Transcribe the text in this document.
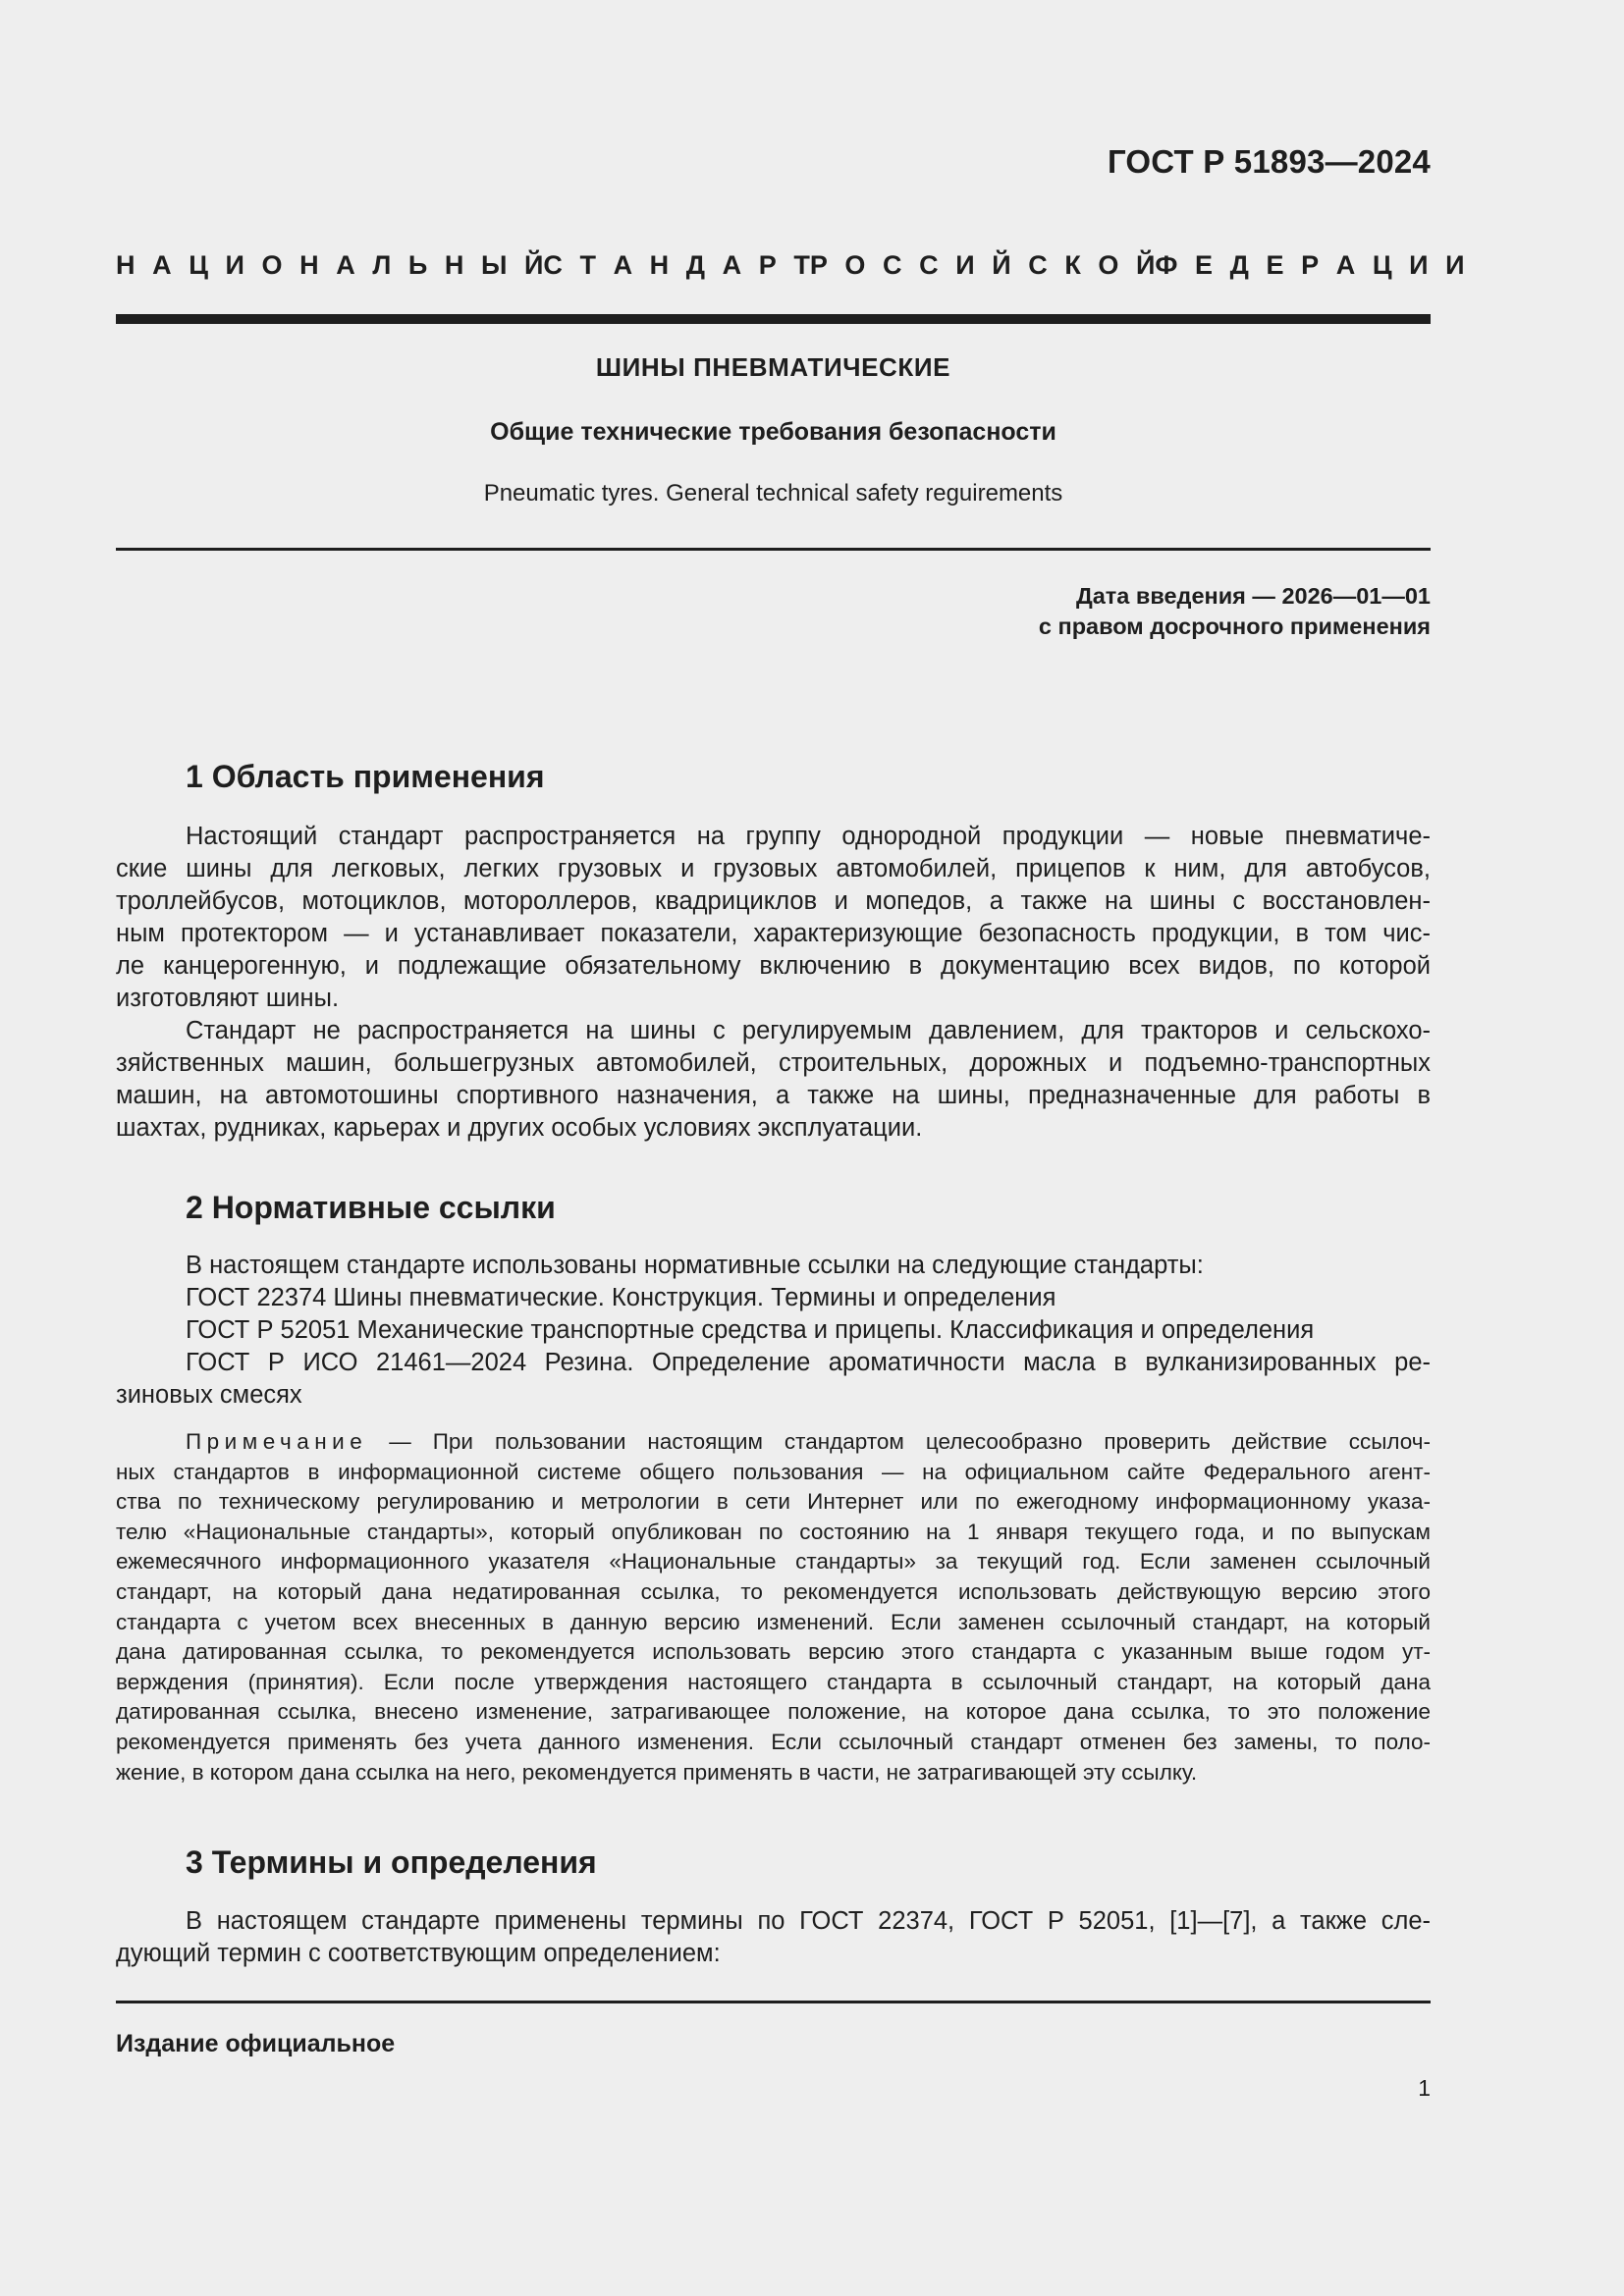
ГОСТ Р 51893—2024
Н А Ц И О Н А Л Ь Н Ы Й С Т А Н Д А Р Т Р О С С И Й С К О Й Ф Е Д Е Р А Ц И И
ШИНЫ ПНЕВМАТИЧЕСКИЕ
Общие технические требования безопасности
Pneumatic tyres. General technical safety reguirements
Дата введения — 2026—01—01
с правом досрочного применения
1 Область применения
Настоящий стандарт распространяется на группу однородной продукции — новые пневматиче-
ские шины для легковых, легких грузовых и грузовых автомобилей, прицепов к ним, для автобусов,
троллейбусов, мотоциклов, мотороллеров, квадрициклов и мопедов, а также на шины с восстановлен-
ным протектором — и устанавливает показатели, характеризующие безопасность продукции, в том чис-
ле канцерогенную, и подлежащие обязательному включению в документацию всех видов, по которой
изготовляют шины.
Стандарт не распространяется на шины с регулируемым давлением, для тракторов и сельскохо-
зяйственных машин, большегрузных автомобилей, строительных, дорожных и подъемно-транспортных
машин, на автомотошины спортивного назначения, а также на шины, предназначенные для работы в
шахтах, рудниках, карьерах и других особых условиях эксплуатации.
2 Нормативные ссылки
В настоящем стандарте использованы нормативные ссылки на следующие стандарты:
ГОСТ 22374 Шины пневматические. Конструкция. Термины и определения
ГОСТ Р 52051 Механические транспортные средства и прицепы. Классификация и определения
ГОСТ Р ИСО 21461—2024 Резина. Определение ароматичности масла в вулканизированных ре-
зиновых смесях
Примечание — При пользовании настоящим стандартом целесообразно проверить действие ссылоч-
ных стандартов в информационной системе общего пользования — на официальном сайте Федерального агент-
ства по техническому регулированию и метрологии в сети Интернет или по ежегодному информационному указа-
телю «Национальные стандарты», который опубликован по состоянию на 1 января текущего года, и по выпускам
ежемесячного информационного указателя «Национальные стандарты» за текущий год. Если заменен ссылочный
стандарт, на который дана недатированная ссылка, то рекомендуется использовать действующую версию этого
стандарта с учетом всех внесенных в данную версию изменений. Если заменен ссылочный стандарт, на который
дана датированная ссылка, то рекомендуется использовать версию этого стандарта с указанным выше годом ут-
верждения (принятия). Если после утверждения настоящего стандарта в ссылочный стандарт, на который дана
датированная ссылка, внесено изменение, затрагивающее положение, на которое дана ссылка, то это положение
рекомендуется применять без учета данного изменения. Если ссылочный стандарт отменен без замены, то поло-
жение, в котором дана ссылка на него, рекомендуется применять в части, не затрагивающей эту ссылку.
3 Термины и определения
В настоящем стандарте применены термины по ГОСТ 22374, ГОСТ Р 52051, [1]—[7], а также сле-
дующий термин с соответствующим определением:
Издание официальное
1
